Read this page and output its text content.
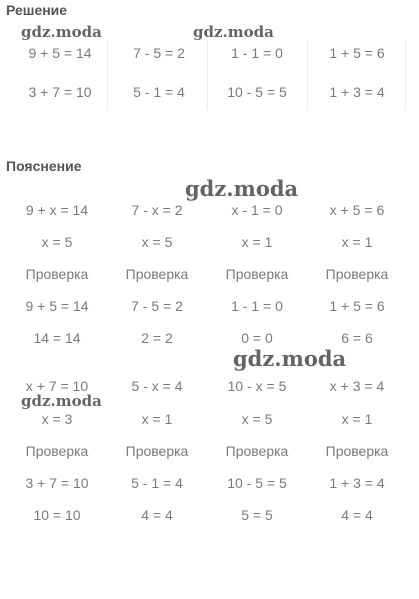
Решение
Пояснение
9 + 5 = 14	7 - 5 = 2	1 - 1 = 0	1 + 5 = 6
3 + 7 = 10	5 - 1 = 4	10 - 5 = 5	1 + 3 = 4
9 + x = 14	7 - x = 2	x - 1 = 0	x + 5 = 6
x = 5	x = 5	x = 1	x = 1
Проверка	Проверка	Проверка	Проверка
9 + 5 = 14	7 - 5 = 2	1 - 1 = 0	1 + 5 = 6
14 = 14	2 = 2	0 = 0	6 = 6
x + 7 = 10	5 - x = 4	10 - x = 5	x + 3 = 4
x = 3	x = 1	x = 5	x = 1
Проверка	Проверка	Проверка	Проверка
3 + 7 = 10	5 - 1 = 4	10 - 5 = 5	1 + 3 = 4
10 = 10	4 = 4	5 = 5	4 = 4
gdz.moda	gdz.moda
gdz.moda
gdz.moda
gdz.moda
